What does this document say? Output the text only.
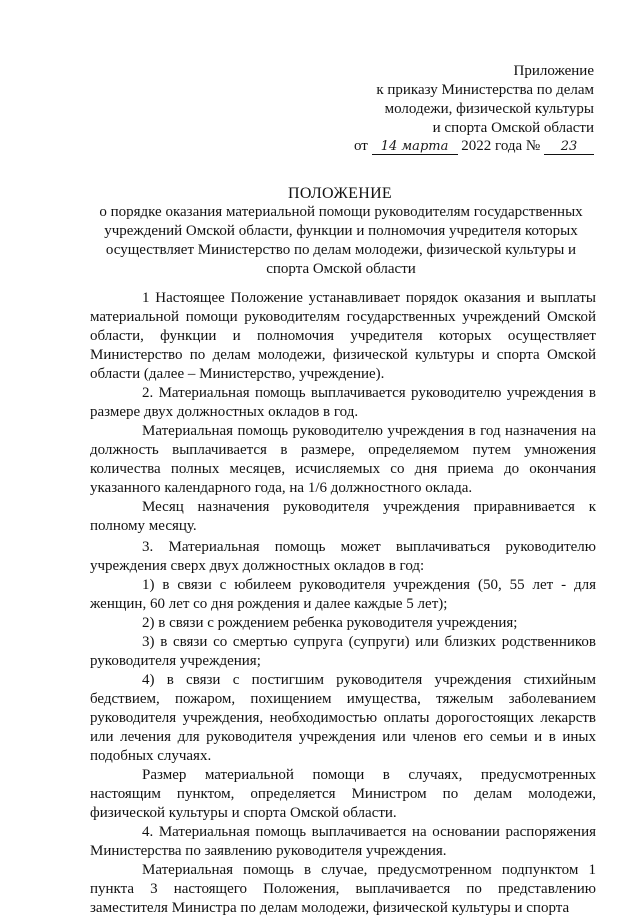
Приложение
к приказу Министерства по делам
молодежи, физической культуры
и спорта Омской области
от 14 марта 2022 года № 23
ПОЛОЖЕНИЕ
о порядке оказания материальной помощи руководителям государственных учреждений Омской области, функции и полномочия учредителя которых осуществляет Министерство по делам молодежи, физической культуры и спорта Омской области

1 Настоящее Положение устанавливает порядок оказания и выплаты материальной помощи руководителям государственных учреждений Омской области, функции и полномочия учредителя которых осуществляет Министерство по делам молодежи, физической культуры и спорта Омской области (далее – Министерство, учреждение).

2. Материальная помощь выплачивается руководителю учреждения в размере двух должностных окладов в год.

Материальная помощь руководителю учреждения в год назначения на должность выплачивается в размере, определяемом путем умножения количества полных месяцев, исчисляемых со дня приема до окончания указанного календарного года, на 1/6 должностного оклада.

Месяц назначения руководителя учреждения приравнивается к полному месяцу.

3. Материальная помощь может выплачиваться руководителю учреждения сверх двух должностных окладов в год:

1) в связи с юбилеем руководителя учреждения (50, 55 лет - для женщин, 60 лет со дня рождения и далее каждые 5 лет);

2) в связи с рождением ребенка руководителя учреждения;

3) в связи со смертью супруга (супруги) или близких родственников руководителя учреждения;

4) в связи с постигшим руководителя учреждения стихийным бедствием, пожаром, похищением имущества, тяжелым заболеванием руководителя учреждения, необходимостью оплаты дорогостоящих лекарств или лечения для руководителя учреждения или членов его семьи и в иных подобных случаях.

Размер материальной помощи в случаях, предусмотренных настоящим пунктом, определяется Министром по делам молодежи, физической культуры и спорта Омской области.

4. Материальная помощь выплачивается на основании распоряжения Министерства по заявлению руководителя учреждения.

Материальная помощь в случае, предусмотренном подпунктом 1 пункта 3 настоящего Положения, выплачивается по представлению заместителя Министра по делам молодежи, физической культуры и спорта
